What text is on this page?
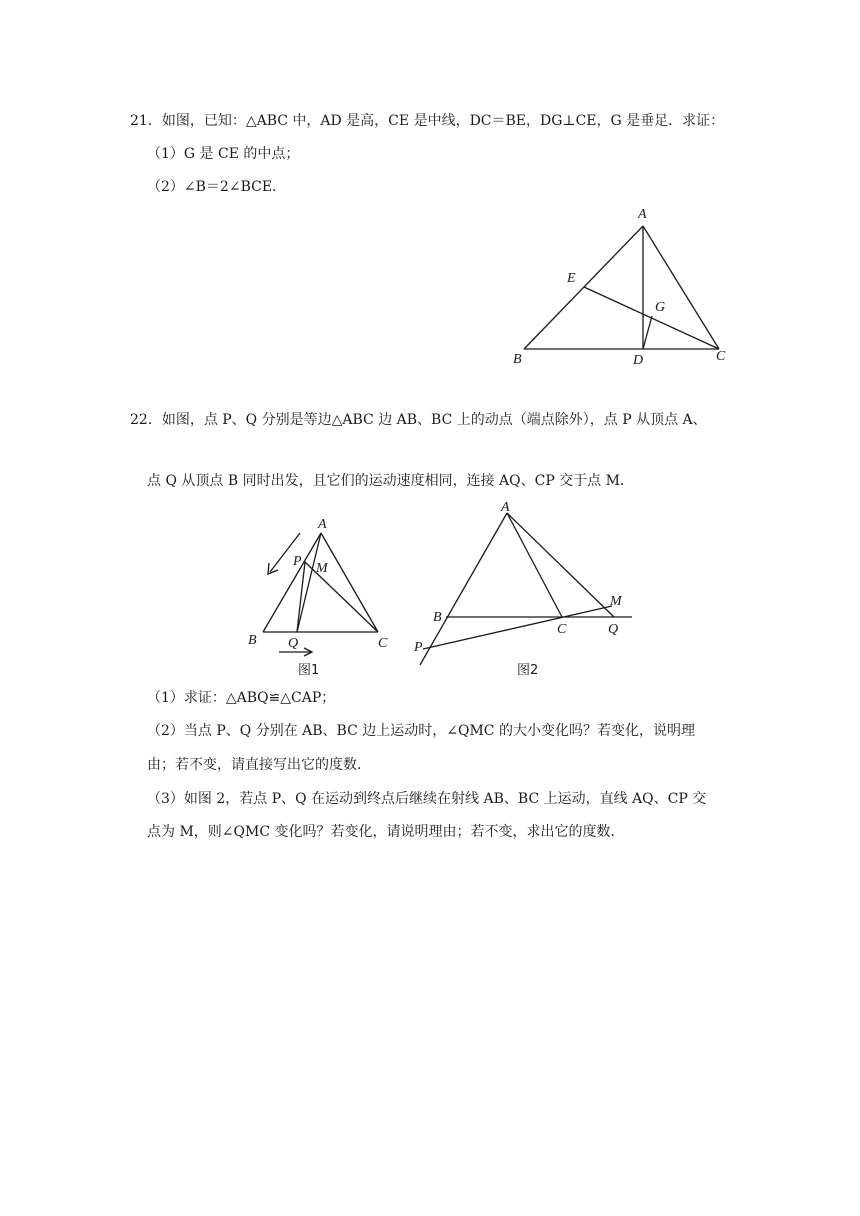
21．如图，已知：△ABC 中，AD 是高，CE 是中线，DC＝BE，DG⊥CE，G 是垂足．求证：
（1）G 是 CE 的中点；
（2）∠B＝2∠BCE．
A
E
G
B	D	C
22．如图，点 P、Q 分别是等边△ABC 边 AB、BC 上的动点（端点除外），点 P 从顶点 A、
点 Q 从顶点 B 同时出发，且它们的运动速度相同，连接 AQ、CP 交于点 M．
A
P M
B Q	C
图1
A
B
C
M
Q
P
图2
（1）求证：△ABQ≌△CAP；
（2）当点 P、Q 分别在 AB、BC 边上运动时，∠QMC 的大小变化吗？若变化，说明理
由；若不变，请直接写出它的度数．
（3）如图 2，若点 P、Q 在运动到终点后继续在射线 AB、BC 上运动，直线 AQ、CP 交
点为 M，则∠QMC 变化吗？若变化，请说明理由；若不变，求出它的度数．
